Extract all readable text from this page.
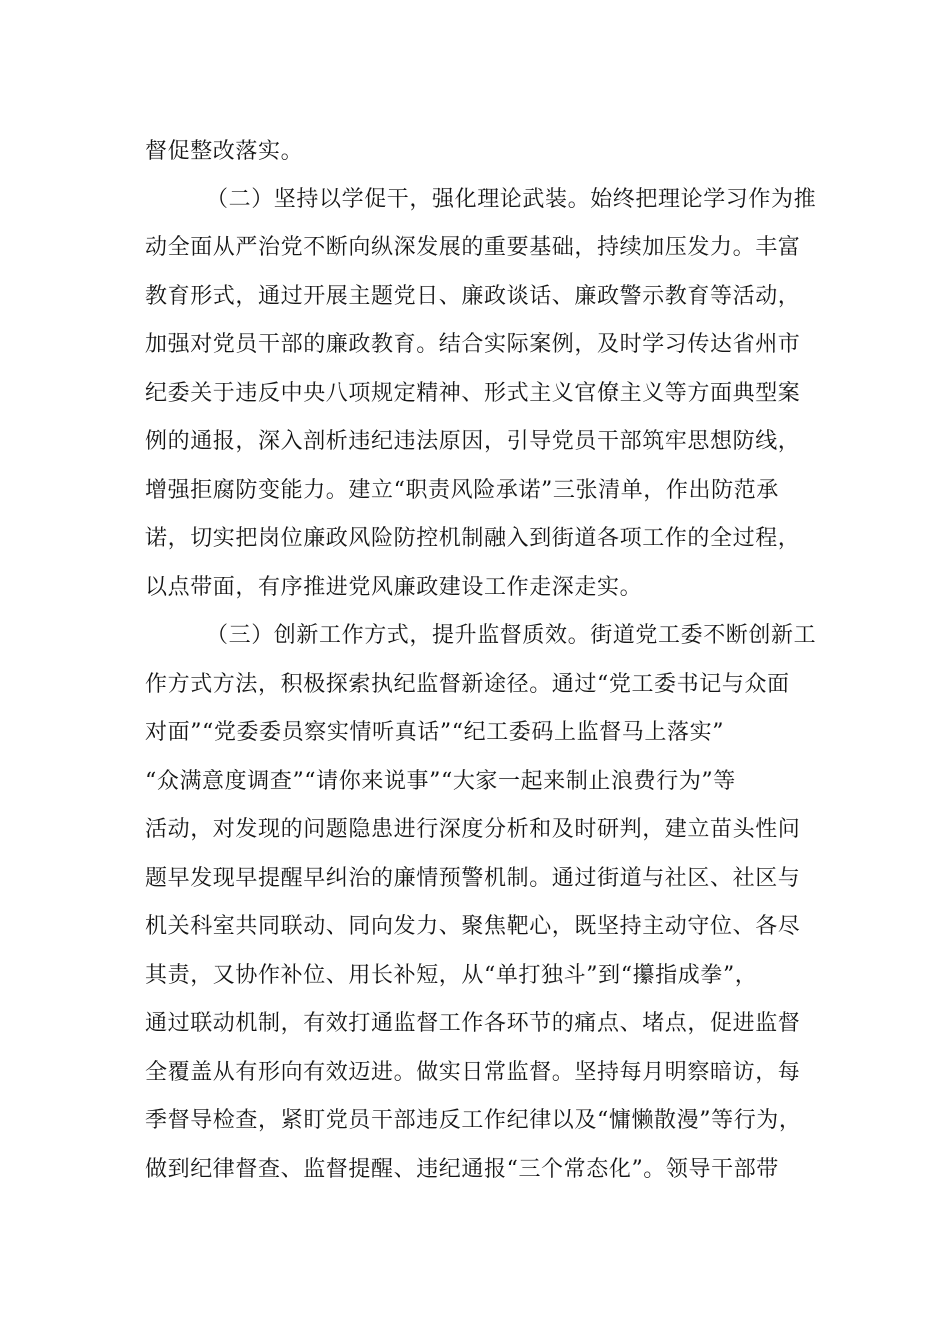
督促整改落实。

（二）坚持以学促干，强化理论武装。始终把理论学习作为推

动全面从严治党不断向纵深发展的重要基础，持续加压发力。丰富

教育形式，通过开展主题党日、廉政谈话、廉政警示教育等活动，

加强对党员干部的廉政教育。结合实际案例，及时学习传达省州市

纪委关于违反中央八项规定精神、形式主义官僚主义等方面典型案

例的通报，深入剖析违纪违法原因，引导党员干部筑牢思想防线，

增强拒腐防变能力。建立“职责风险承诺”三张清单，作出防范承

诺，切实把岗位廉政风险防控机制融入到街道各项工作的全过程，

以点带面，有序推进党风廉政建设工作走深走实。

（三）创新工作方式，提升监督质效。街道党工委不断创新工

作方式方法，积极探索执纪监督新途径。通过“党工委书记与众面

对面”“党委委员察实情听真话”“纪工委码上监督马上落实”

“众满意度调查”“请你来说事”“大家一起来制止浪费行为”等

活动，对发现的问题隐患进行深度分析和及时研判，建立苗头性问

题早发现早提醒早纠治的廉情预警机制。通过街道与社区、社区与

机关科室共同联动、同向发力、聚焦靶心，既坚持主动守位、各尽

其责，又协作补位、用长补短，从“单打独斗”到“攥指成拳”，

通过联动机制，有效打通监督工作各环节的痛点、堵点，促进监督

全覆盖从有形向有效迈进。做实日常监督。坚持每月明察暗访，每

季督导检查，紧盯党员干部违反工作纪律以及“慵懒散漫”等行为，

做到纪律督查、监督提醒、违纪通报“三个常态化”。领导干部带
